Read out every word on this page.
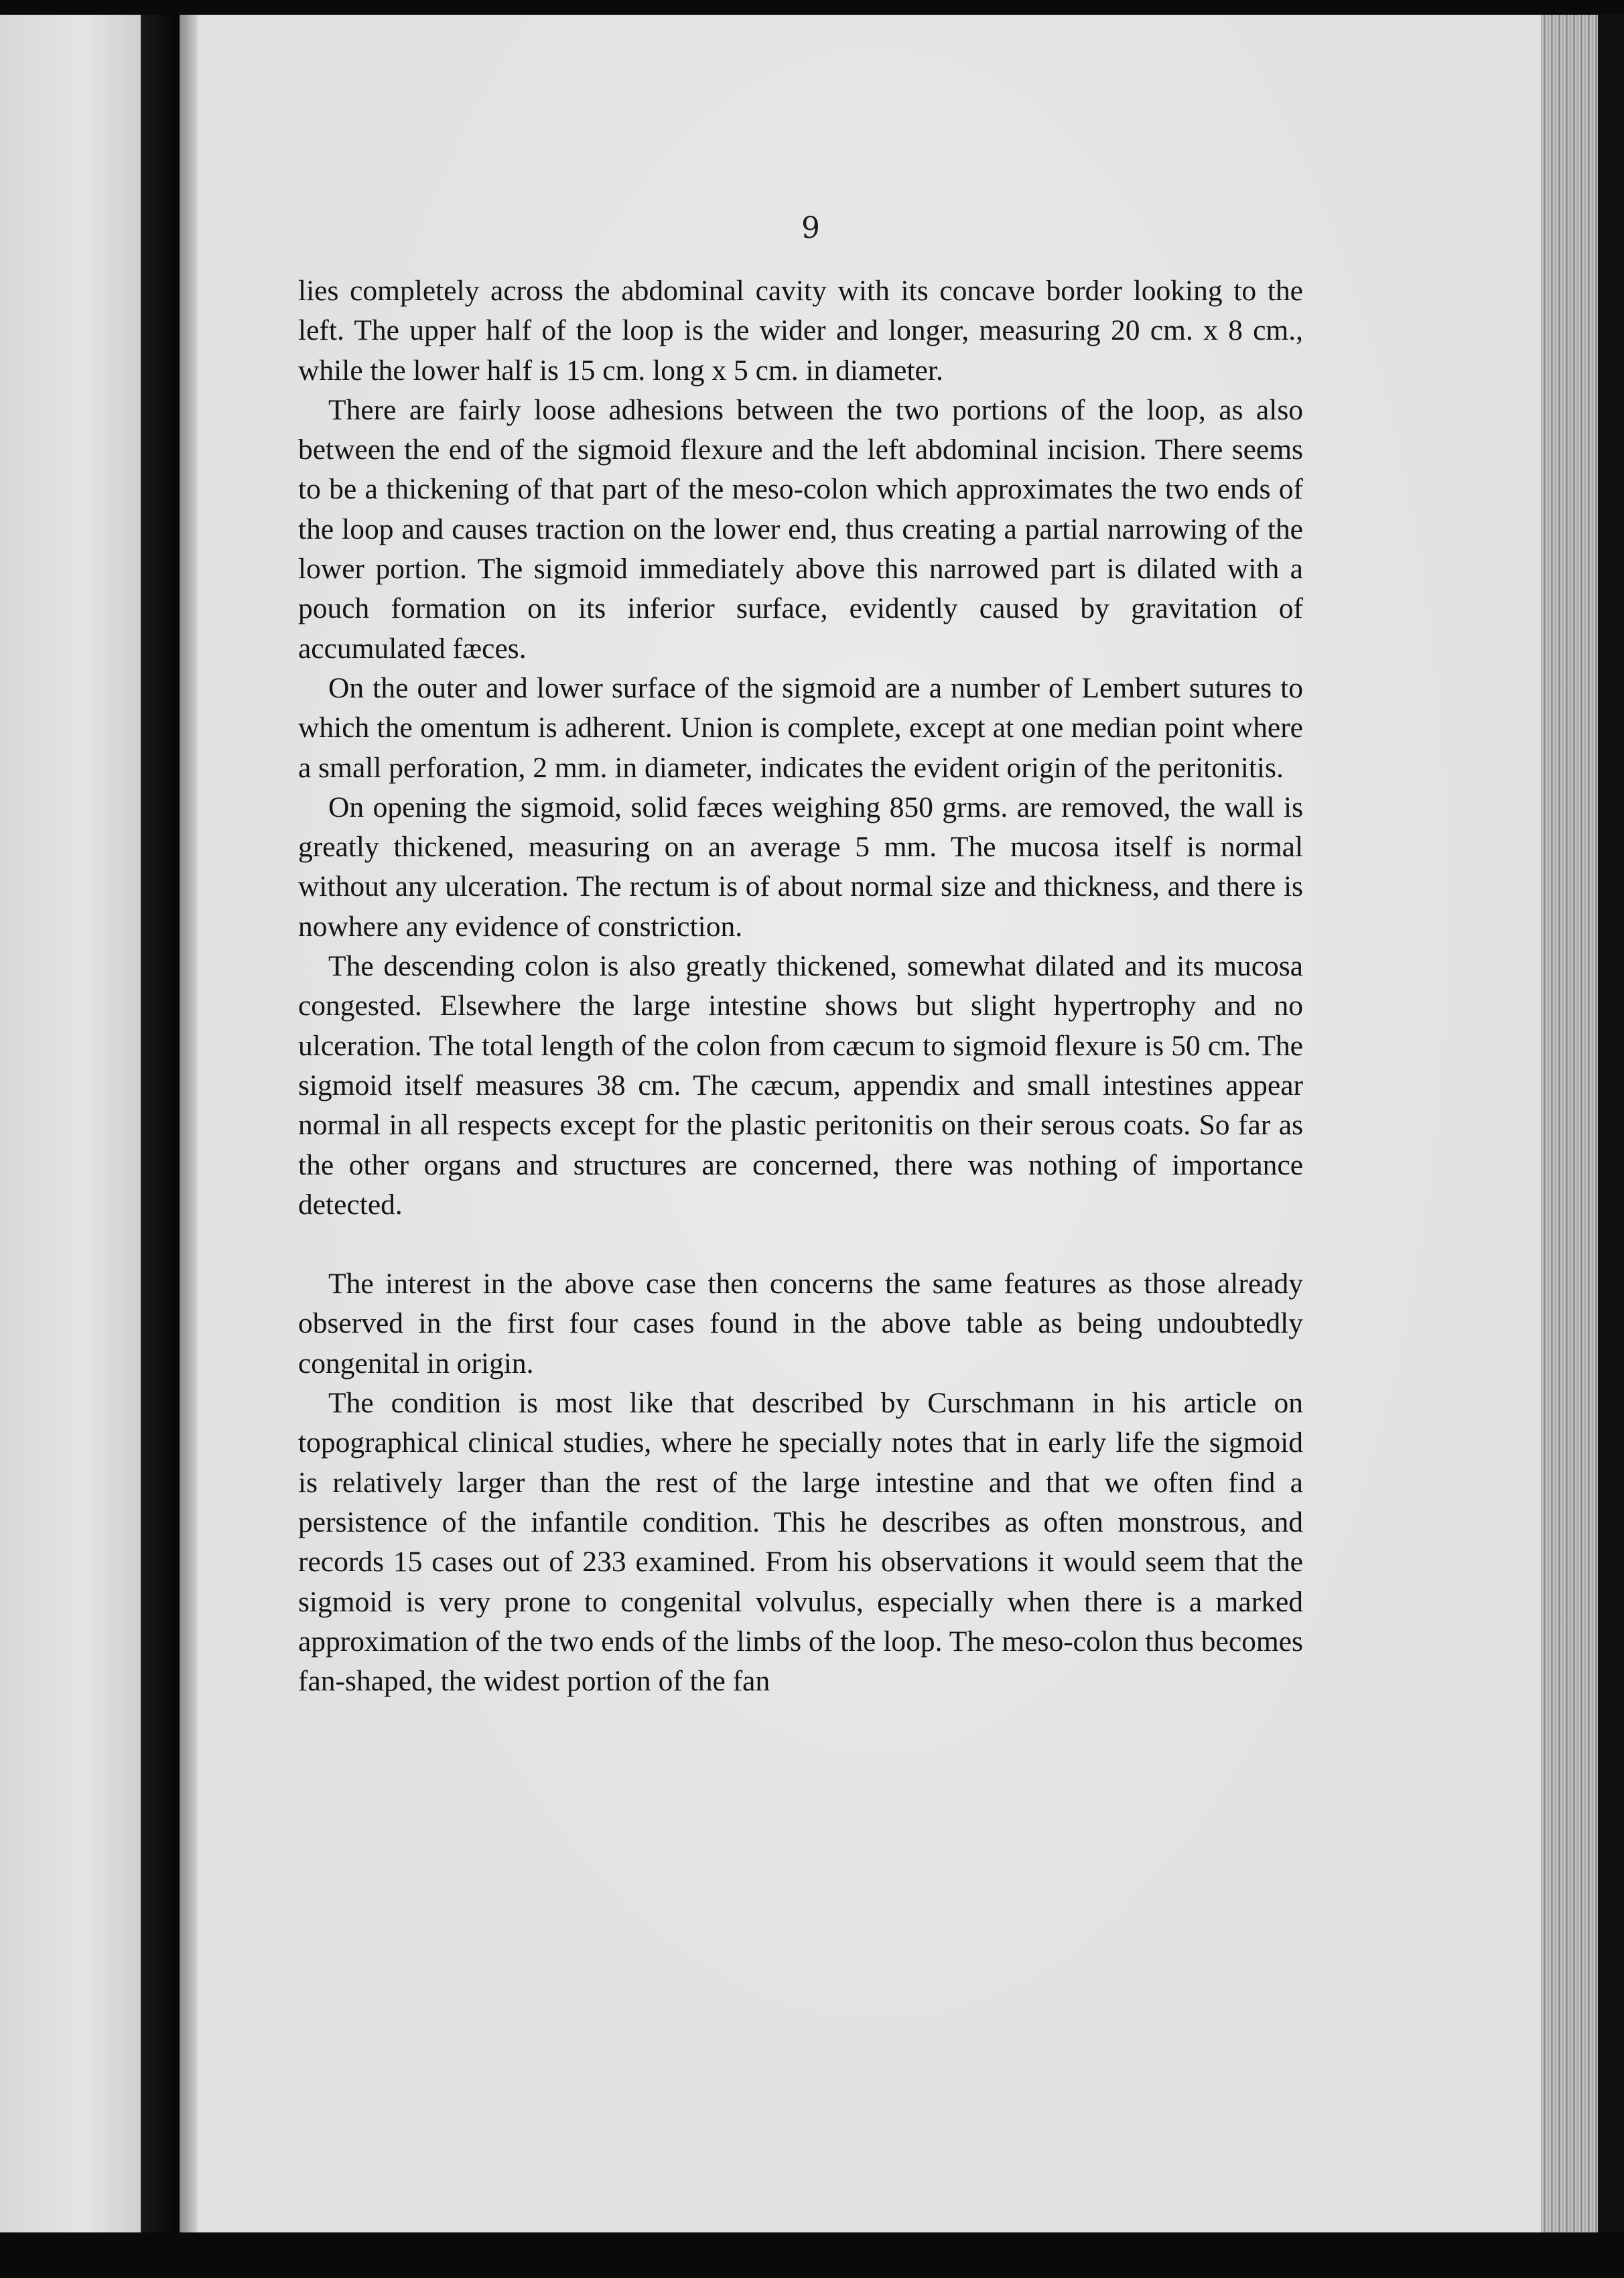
9

lies completely across the abdominal cavity with its concave border looking to the left. The upper half of the loop is the wider and longer, measuring 20 cm. x 8 cm., while the lower half is 15 cm. long x 5 cm. in diameter.

There are fairly loose adhesions between the two portions of the loop, as also between the end of the sigmoid flexure and the left abdominal incision. There seems to be a thickening of that part of the meso-colon which approximates the two ends of the loop and causes traction on the lower end, thus creating a partial narrowing of the lower portion. The sigmoid immediately above this narrowed part is dilated with a pouch formation on its inferior surface, evidently caused by gravitation of accumulated fæces.

On the outer and lower surface of the sigmoid are a number of Lembert sutures to which the omentum is adherent. Union is complete, except at one median point where a small perforation, 2 mm. in diameter, indicates the evident origin of the peritonitis.

On opening the sigmoid, solid fæces weighing 850 grms. are removed, the wall is greatly thickened, measuring on an average 5 mm. The mucosa itself is normal without any ulceration. The rectum is of about normal size and thickness, and there is nowhere any evidence of constriction.

The descending colon is also greatly thickened, somewhat dilated and its mucosa congested. Elsewhere the large intestine shows but slight hypertrophy and no ulceration. The total length of the colon from cæcum to sigmoid flexure is 50 cm. The sigmoid itself measures 38 cm. The cæcum, appendix and small intestines appear normal in all respects except for the plastic peritonitis on their serous coats. So far as the other organs and structures are concerned, there was nothing of importance detected.

The interest in the above case then concerns the same features as those already observed in the first four cases found in the above table as being undoubtedly congenital in origin.

The condition is most like that described by Curschmann in his article on topographical clinical studies, where he specially notes that in early life the sigmoid is relatively larger than the rest of the large intestine and that we often find a persistence of the infantile condition. This he describes as often monstrous, and records 15 cases out of 233 examined. From his observations it would seem that the sigmoid is very prone to congenital volvulus, especially when there is a marked approximation of the two ends of the limbs of the loop. The meso-colon thus becomes fan-shaped, the widest portion of the fan
